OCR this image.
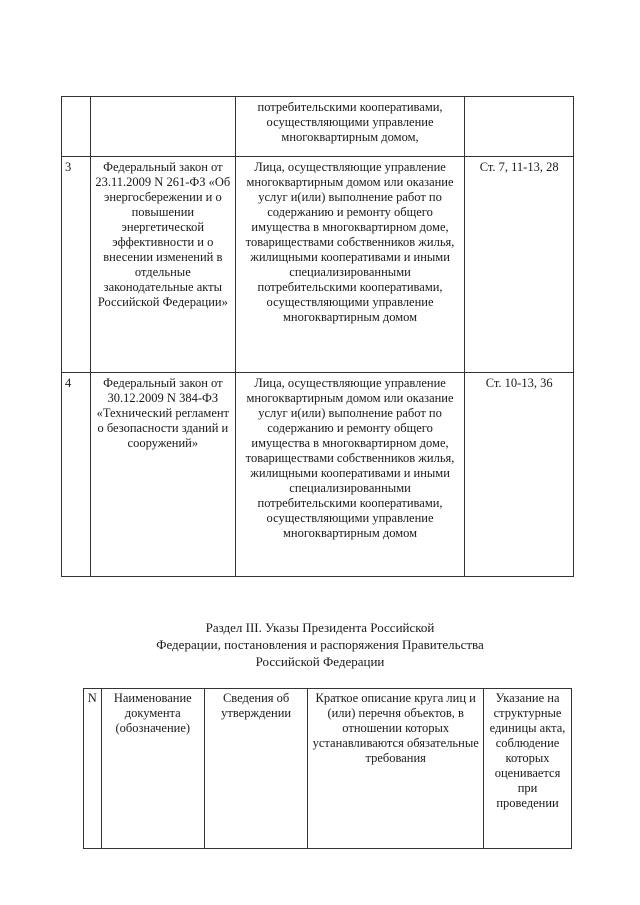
		потребительскими кооперативами, осуществляющими управление многоквартирным домом,	
3	Федеральный закон от 23.11.2009 N 261-ФЗ «Об энергосбережении и о повышении энергетической эффективности и о внесении изменений в отдельные законодательные акты Российской Федерации»	Лица, осуществляющие управление многоквартирным домом или оказание услуг и(или) выполнение работ по содержанию и ремонту общего имущества в многоквартирном доме, товариществами собственников жилья, жилищными кооперативами и иными специализированными потребительскими кооперативами, осуществляющими управление многоквартирным домом	Ст. 7, 11-13, 28
4	Федеральный закон от 30.12.2009 N 384-ФЗ «Технический регламент о безопасности зданий и сооружений»	Лица, осуществляющие управление многоквартирным домом или оказание услуг и(или) выполнение работ по содержанию и ремонту общего имущества в многоквартирном доме, товариществами собственников жилья, жилищными кооперативами и иными специализированными потребительскими кооперативами, осуществляющими управление многоквартирным домом	Ст. 10-13, 36
Раздел III. Указы Президента Российской
Федерации, постановления и распоряжения Правительства
Российской Федерации
N	Наименование документа (обозначение)	Сведения об утверждении	Краткое описание круга лиц и (или) перечня объектов, в отношении которых устанавливаются обязательные требования	Указание на структурные единицы акта, соблюдение которых оценивается при проведении
